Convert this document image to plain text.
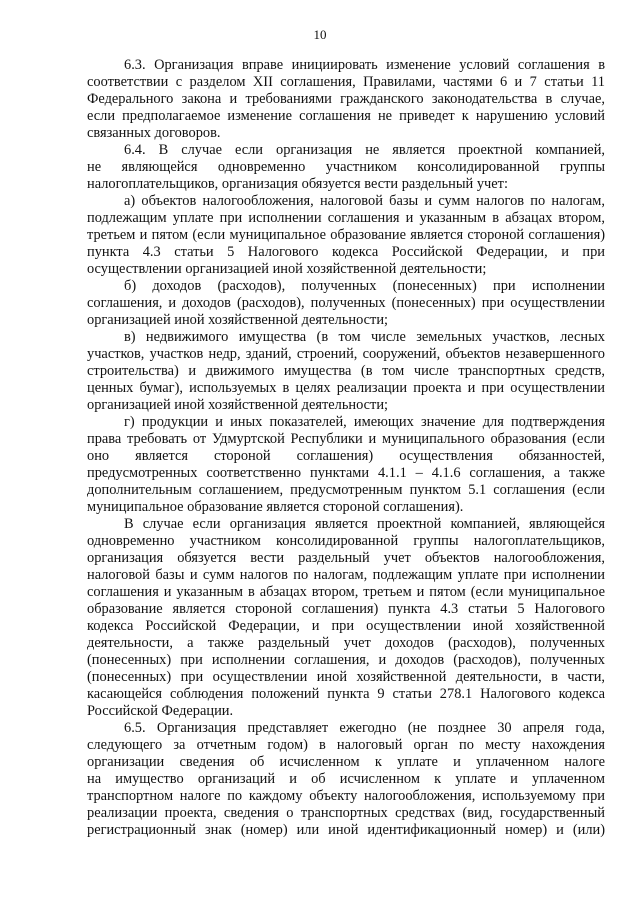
10
6.3. Организация вправе инициировать изменение условий соглашения в
соответствии с разделом XII соглашения, Правилами, частями 6 и 7 статьи 11
Федерального закона и требованиями гражданского законодательства в случае,
если предполагаемое изменение соглашения не приведет к нарушению условий
связанных договоров.
6.4. В случае если организация не является проектной компанией,
не являющейся одновременно участником консолидированной группы
налогоплательщиков, организация обязуется вести раздельный учет:
а) объектов налогообложения, налоговой базы и сумм налогов по налогам,
подлежащим уплате при исполнении соглашения и указанным в абзацах втором,
третьем и пятом (если муниципальное образование является стороной соглашения)
пункта 4.3 статьи 5 Налогового кодекса Российской Федерации, и при
осуществлении организацией иной хозяйственной деятельности;
б) доходов (расходов), полученных (понесенных) при исполнении
соглашения, и доходов (расходов), полученных (понесенных) при осуществлении
организацией иной хозяйственной деятельности;
в) недвижимого имущества (в том числе земельных участков, лесных
участков, участков недр, зданий, строений, сооружений, объектов незавершенного
строительства) и движимого имущества (в том числе транспортных средств,
ценных бумаг), используемых в целях реализации проекта и при осуществлении
организацией иной хозяйственной деятельности;
г) продукции и иных показателей, имеющих значение для подтверждения
права требовать от Удмуртской Республики и муниципального образования (если
оно является стороной соглашения) осуществления обязанностей,
предусмотренных соответственно пунктами 4.1.1 – 4.1.6 соглашения, а также
дополнительным соглашением, предусмотренным пунктом 5.1 соглашения (если
муниципальное образование является стороной соглашения).
В случае если организация является проектной компанией, являющейся
одновременно участником консолидированной группы налогоплательщиков,
организация обязуется вести раздельный учет объектов налогообложения,
налоговой базы и сумм налогов по налогам, подлежащим уплате при исполнении
соглашения и указанным в абзацах втором, третьем и пятом (если муниципальное
образование является стороной соглашения) пункта 4.3 статьи 5 Налогового
кодекса Российской Федерации, и при осуществлении иной хозяйственной
деятельности, а также раздельный учет доходов (расходов), полученных
(понесенных) при исполнении соглашения, и доходов (расходов), полученных
(понесенных) при осуществлении иной хозяйственной деятельности, в части,
касающейся соблюдения положений пункта 9 статьи 278.1 Налогового кодекса
Российской Федерации.
6.5. Организация представляет ежегодно (не позднее 30 апреля года,
следующего за отчетным годом) в налоговый орган по месту нахождения
организации сведения об исчисленном к уплате и уплаченном налоге
на имущество организаций и об исчисленном к уплате и уплаченном
транспортном налоге по каждому объекту налогообложения, используемому при
реализации проекта, сведения о транспортных средствах (вид, государственный
регистрационный знак (номер) или иной идентификационный номер) и (или)
